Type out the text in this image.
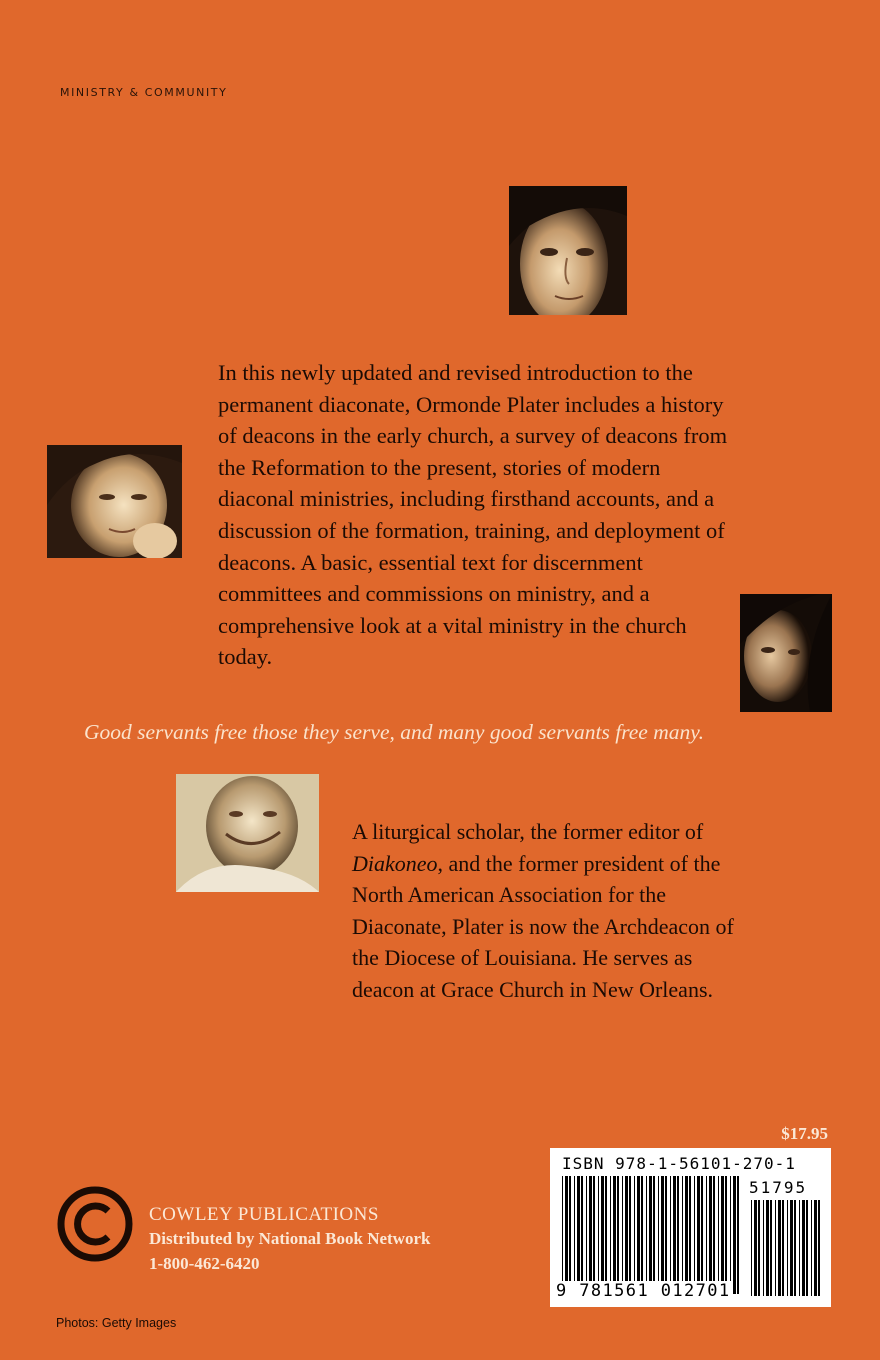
MINISTRY & COMMUNITY

In this newly updated and revised introduction to the permanent diaconate, Ormonde Plater includes a history of deacons in the early church, a survey of deacons from the Reformation to the present, stories of modern diaconal ministries, including firsthand accounts, and a discussion of the formation, training, and deployment of deacons. A basic, essential text for discernment committees and commissions on ministry, and a comprehensive look at a vital ministry in the church today.

Good servants free those they serve, and many good servants free many.

A liturgical scholar, the former editor of Diakoneo, and the former president of the North American Association for the Diaconate, Plater is now the Archdeacon of the Diocese of Louisiana. He serves as deacon at Grace Church in New Orleans.

$17.95
ISBN 978-1-56101-270-1
51795
9 781561 012701
COWLEY PUBLICATIONS
Distributed by National Book Network
1-800-462-6420
Photos: Getty Images
